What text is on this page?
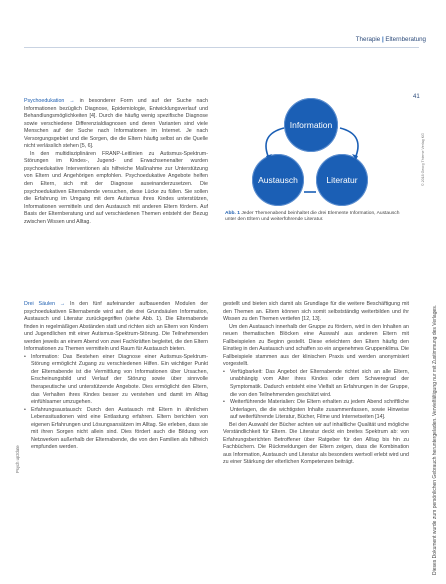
Therapie | Elternberatung
41

Psychoedukation → in besonderer Form und auf der Suche nach Informationen bezüglich Diagnose, Epidemiologie, Entwicklungsverlauf und Behandlungsmöglichkeiten [4]. Durch die häufig wenig spezifische Diagnose sowie verschiedene Differenzialdiagnosen und deren Varianten sind viele Menschen auf der Suche nach Informationen im Internet. Je nach Versorgungsgebiet und die Sorgen, die die Eltern häufig selbst an die Quelle nicht verlässlich stehen [5, 6].

In den multidisziplinären FRANP-Leitlinien zu Autismus-Spektrum-Störungen im Kindes-, Jugend- und Erwachsenenalter wurden psychoedukative Interventionen als hilfreiche Maßnahme zur Unterstützung von Eltern und Angehörigen empfohlen. Psychoedukative Angebote helfen den Eltern, sich mit der Diagnose auseinanderzusetzen. Die psychoedukativen Elternabende versuchen, diese Lücke zu füllen. Sie sollen die Erfahrung im Umgang mit dem Autismus ihres Kindes unterstützen, Informationen vermitteln und den Austausch mit anderen Eltern fördern. Auf Basis der Elternberatung und auf verschiedenen Themen entsteht der Bezug zwischen Wissen und Alltag.

Information
Austausch	Literatur
Abb. 1 Jeder Themenabend beinhaltet die drei Elemente Information, Austausch unter den Eltern und weiterführende Literatur.

Drei Säulen → In den fünf aufeinander aufbauenden Modulen der psychoedukativen Elternabende wird auf die drei Grundsäulen Information, Austausch und Literatur zurückgegriffen (siehe Abb. 1). Die Elternabende finden in regelmäßigen Abständen statt und richten sich an Eltern von Kindern und Jugendlichen mit einer Autismus-Spektrum-Störung. Die Teilnehmenden werden jeweils an einem Abend von zwei Fachkräften begleitet, die den Eltern Informationen zu Themen vermitteln und Raum für Austausch bieten.

• Information: Das Bestehen einer Diagnose einer Autismus-Spektrum-Störung ermöglicht Zugang zu verschiedenen Hilfen. Ein wichtiger Punkt der Elternabende ist die Vermittlung von Informationen über Ursachen, Erscheinungsbild und Verlauf der Störung sowie über sinnvolle therapeutische und unterstützende Angebote. Dies ermöglicht den Eltern, das Verhalten ihres Kindes besser zu verstehen und damit im Alltag einfühlsamer umzugehen.
• Erfahrungsaustausch: Durch den Austausch mit Eltern in ähnlichen Lebenssituationen wird eine Entlastung erfahren. Eltern berichten von eigenen Erfahrungen und Lösungsansätzen im Alltag. Sie erleben, dass sie mit ihren Sorgen nicht allein sind. Dies fördert auch die Bildung von Netzwerken außerhalb der Elternabende, die von den Familien als hilfreich empfunden werden.

gestellt und bieten sich damit als Grundlage für die weitere Beschäftigung mit den Themen an. Eltern können sich somit selbstständig weiterbilden und ihr Wissen zu den Themen vertiefen [12, 13].

Um den Austausch innerhalb der Gruppe zu fördern, wird in den Inhalten an neuen thematischen Blöcken eine Auswahl aus anderen Eltern mit Fallbeispielen zu Beginn gestellt. Diese erleichtern den Eltern häufig den Einstieg in den Austausch und schaffen so ein angenehmes Gruppenklima. Die Fallbeispiele stammen aus der klinischen Praxis und werden anonymisiert vorgestellt.

• Verfügbarkeit: Das Angebot der Elternabende richtet sich an alle Eltern, unabhängig vom Alter ihres Kindes oder dem Schweregrad der Symptomatik. Dadurch entsteht eine Vielfalt an Erfahrungen in der Gruppe, die von den Teilnehmenden geschätzt wird.
• Weiterführende Materialien: Die Eltern erhalten zu jedem Abend schriftliche Unterlagen, die die wichtigsten Inhalte zusammenfassen, sowie Hinweise auf weiterführende Literatur, Bücher, Filme und Internetseiten [14].

Bei den Auswahl der Bücher achten wir auf inhaltliche Qualität und mögliche Verständlichkeit für Eltern. Die Literatur deckt ein breites Spektrum ab: von Erfahrungsberichten Betroffener über Ratgeber für den Alltag bis hin zu Fachbüchern. Die Rückmeldungen der Eltern zeigen, dass die Kombination aus Information, Austausch und Literatur als besonders wertvoll erlebt wird und zu einer Stärkung der elterlichen Kompetenzen beiträgt.

Psych up2date	Dieses Dokument wurde zum persönlichen Gebrauch heruntergeladen. Vervielfältigung nur mit Zustimmung des Verlages.
© 2018 Georg Thieme Verlag KG
